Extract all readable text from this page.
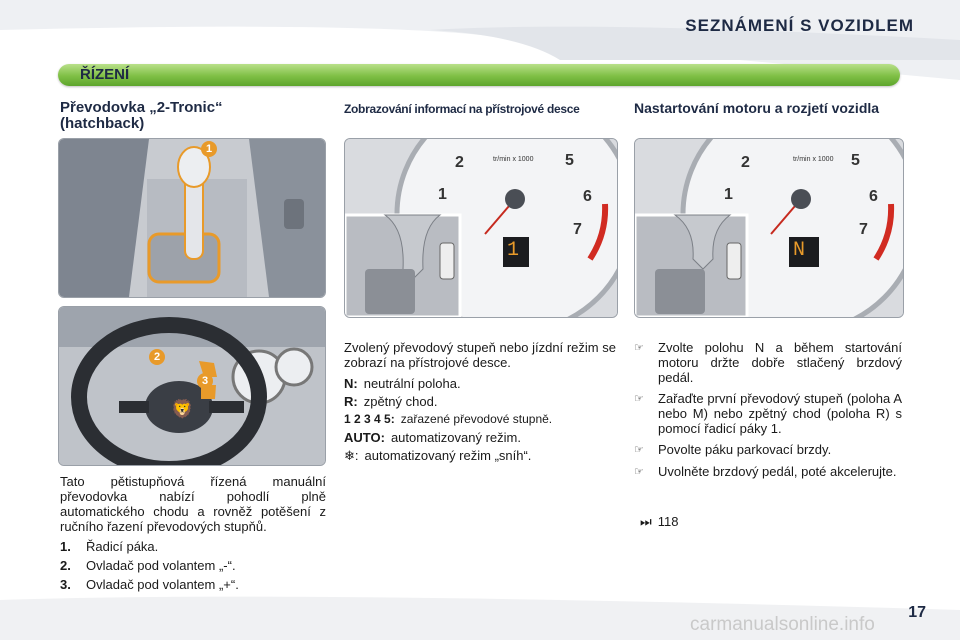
SEZNÁMENÍ S VOZIDLEM
ŘÍZENÍ
Převodovka „2-Tronic“
(hatchback)
1
🦁
2
3
Tato pětistupňová řízená manuální převodovka nabízí pohodlí plně automatického chodu a rovněž potěšení z ručního řazení převodových stupňů.
1.	Řadicí páka.
2.	Ovladač pod volantem „-“.
3.	Ovladač pod volantem „+“.
Zobrazování informací na přístrojové desce
2	5
1	6
7
tr/min x 1000
1
Zvolený převodový stupeň nebo jízdní režim se zobrazí na přístrojové desce.
N: neutrální poloha.
R: zpětný chod.
1 2 3 4 5: zařazené převodové stupně.
AUTO: automatizovaný režim.
❄: automatizovaný režim „sníh“.
Nastartování motoru a rozjetí vozidla
2	5
1	6
7
tr/min x 1000
N
☞	Zvolte polohu N a během startování motoru držte dobře stlačený brzdový pedál.
☞	Zařaďte první převodový stupeň (poloha A nebo M) nebo zpětný chod (poloha R) s pomocí řadicí páky 1.
☞	Povolte páku parkovací brzdy.
☞	Uvolněte brzdový pedál, poté akcelerujte.
⏭ 118
carmanualsonline.info
17
